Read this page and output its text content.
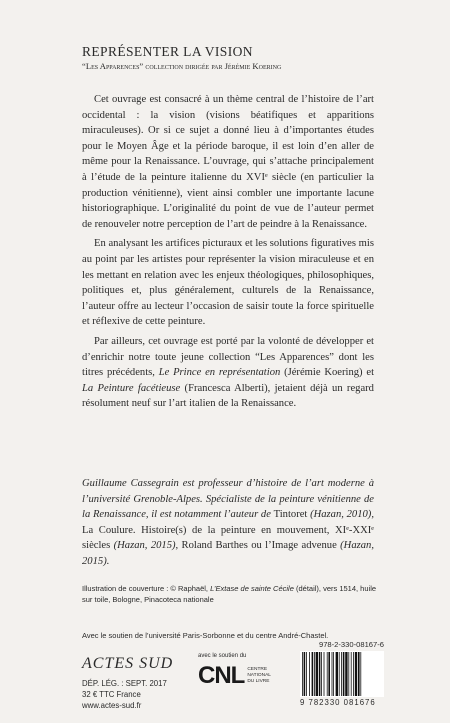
REPRÉSENTER LA VISION
“Les Apparences” collection dirigée par Jérémie Koering

Cet ouvrage est consacré à un thème central de l’histoire de l’art occidental : la vision (visions béatifiques et apparitions miraculeuses). Or si ce sujet a donné lieu à d’importantes études pour le Moyen Âge et la période baroque, il est loin d’en aller de même pour la Renaissance. L’ouvrage, qui s’attache principalement à l’étude de la peinture italienne du XVIᵉ siècle (en particulier la production vénitienne), vient ainsi combler une importante lacune historiographique. L’originalité du point de vue de l’auteur permet de renouveler notre perception de l’art de peindre à la Renaissance.

En analysant les artifices picturaux et les solutions figuratives mis au point par les artistes pour représenter la vision miraculeuse et en les mettant en relation avec les enjeux théologiques, philosophiques, politiques et, plus généralement, culturels de la Renaissance, l’auteur offre au lecteur l’occasion de saisir toute la force spirituelle et réflexive de cette peinture.

Par ailleurs, cet ouvrage est porté par la volonté de développer et d’enrichir notre toute jeune collection “Les Apparences” dont les titres précédents, Le Prince en représentation (Jérémie Koering) et La Peinture facétieuse (Francesca Alberti), jetaient déjà un regard résolument neuf sur l’art italien de la Renaissance.

Guillaume Cassegrain est professeur d’histoire de l’art moderne à l’université Grenoble-Alpes. Spécialiste de la peinture vénitienne de la Renaissance, il est notamment l’auteur de Tintoret (Hazan, 2010), La Coulure. Histoire(s) de la peinture en mouvement, XIᵉ-XXIᵉ siècles (Hazan, 2015), Roland Barthes ou l’Image advenue (Hazan, 2015).

Illustration de couverture : © Raphaël, L’Extase de sainte Cécile (détail), vers 1514, huile sur toile, Bologne, Pinacoteca nationale
Avec le soutien de l’université Paris-Sorbonne et du centre André-Chastel.
ACTES SUD
DÉP. LÉG. : SEPT. 2017
32 € TTC France
www.actes-sud.fr
avec le soutien du
CNL CENTRE NATIONAL DU LIVRE
978-2-330-08167-6
9 782330 081676
